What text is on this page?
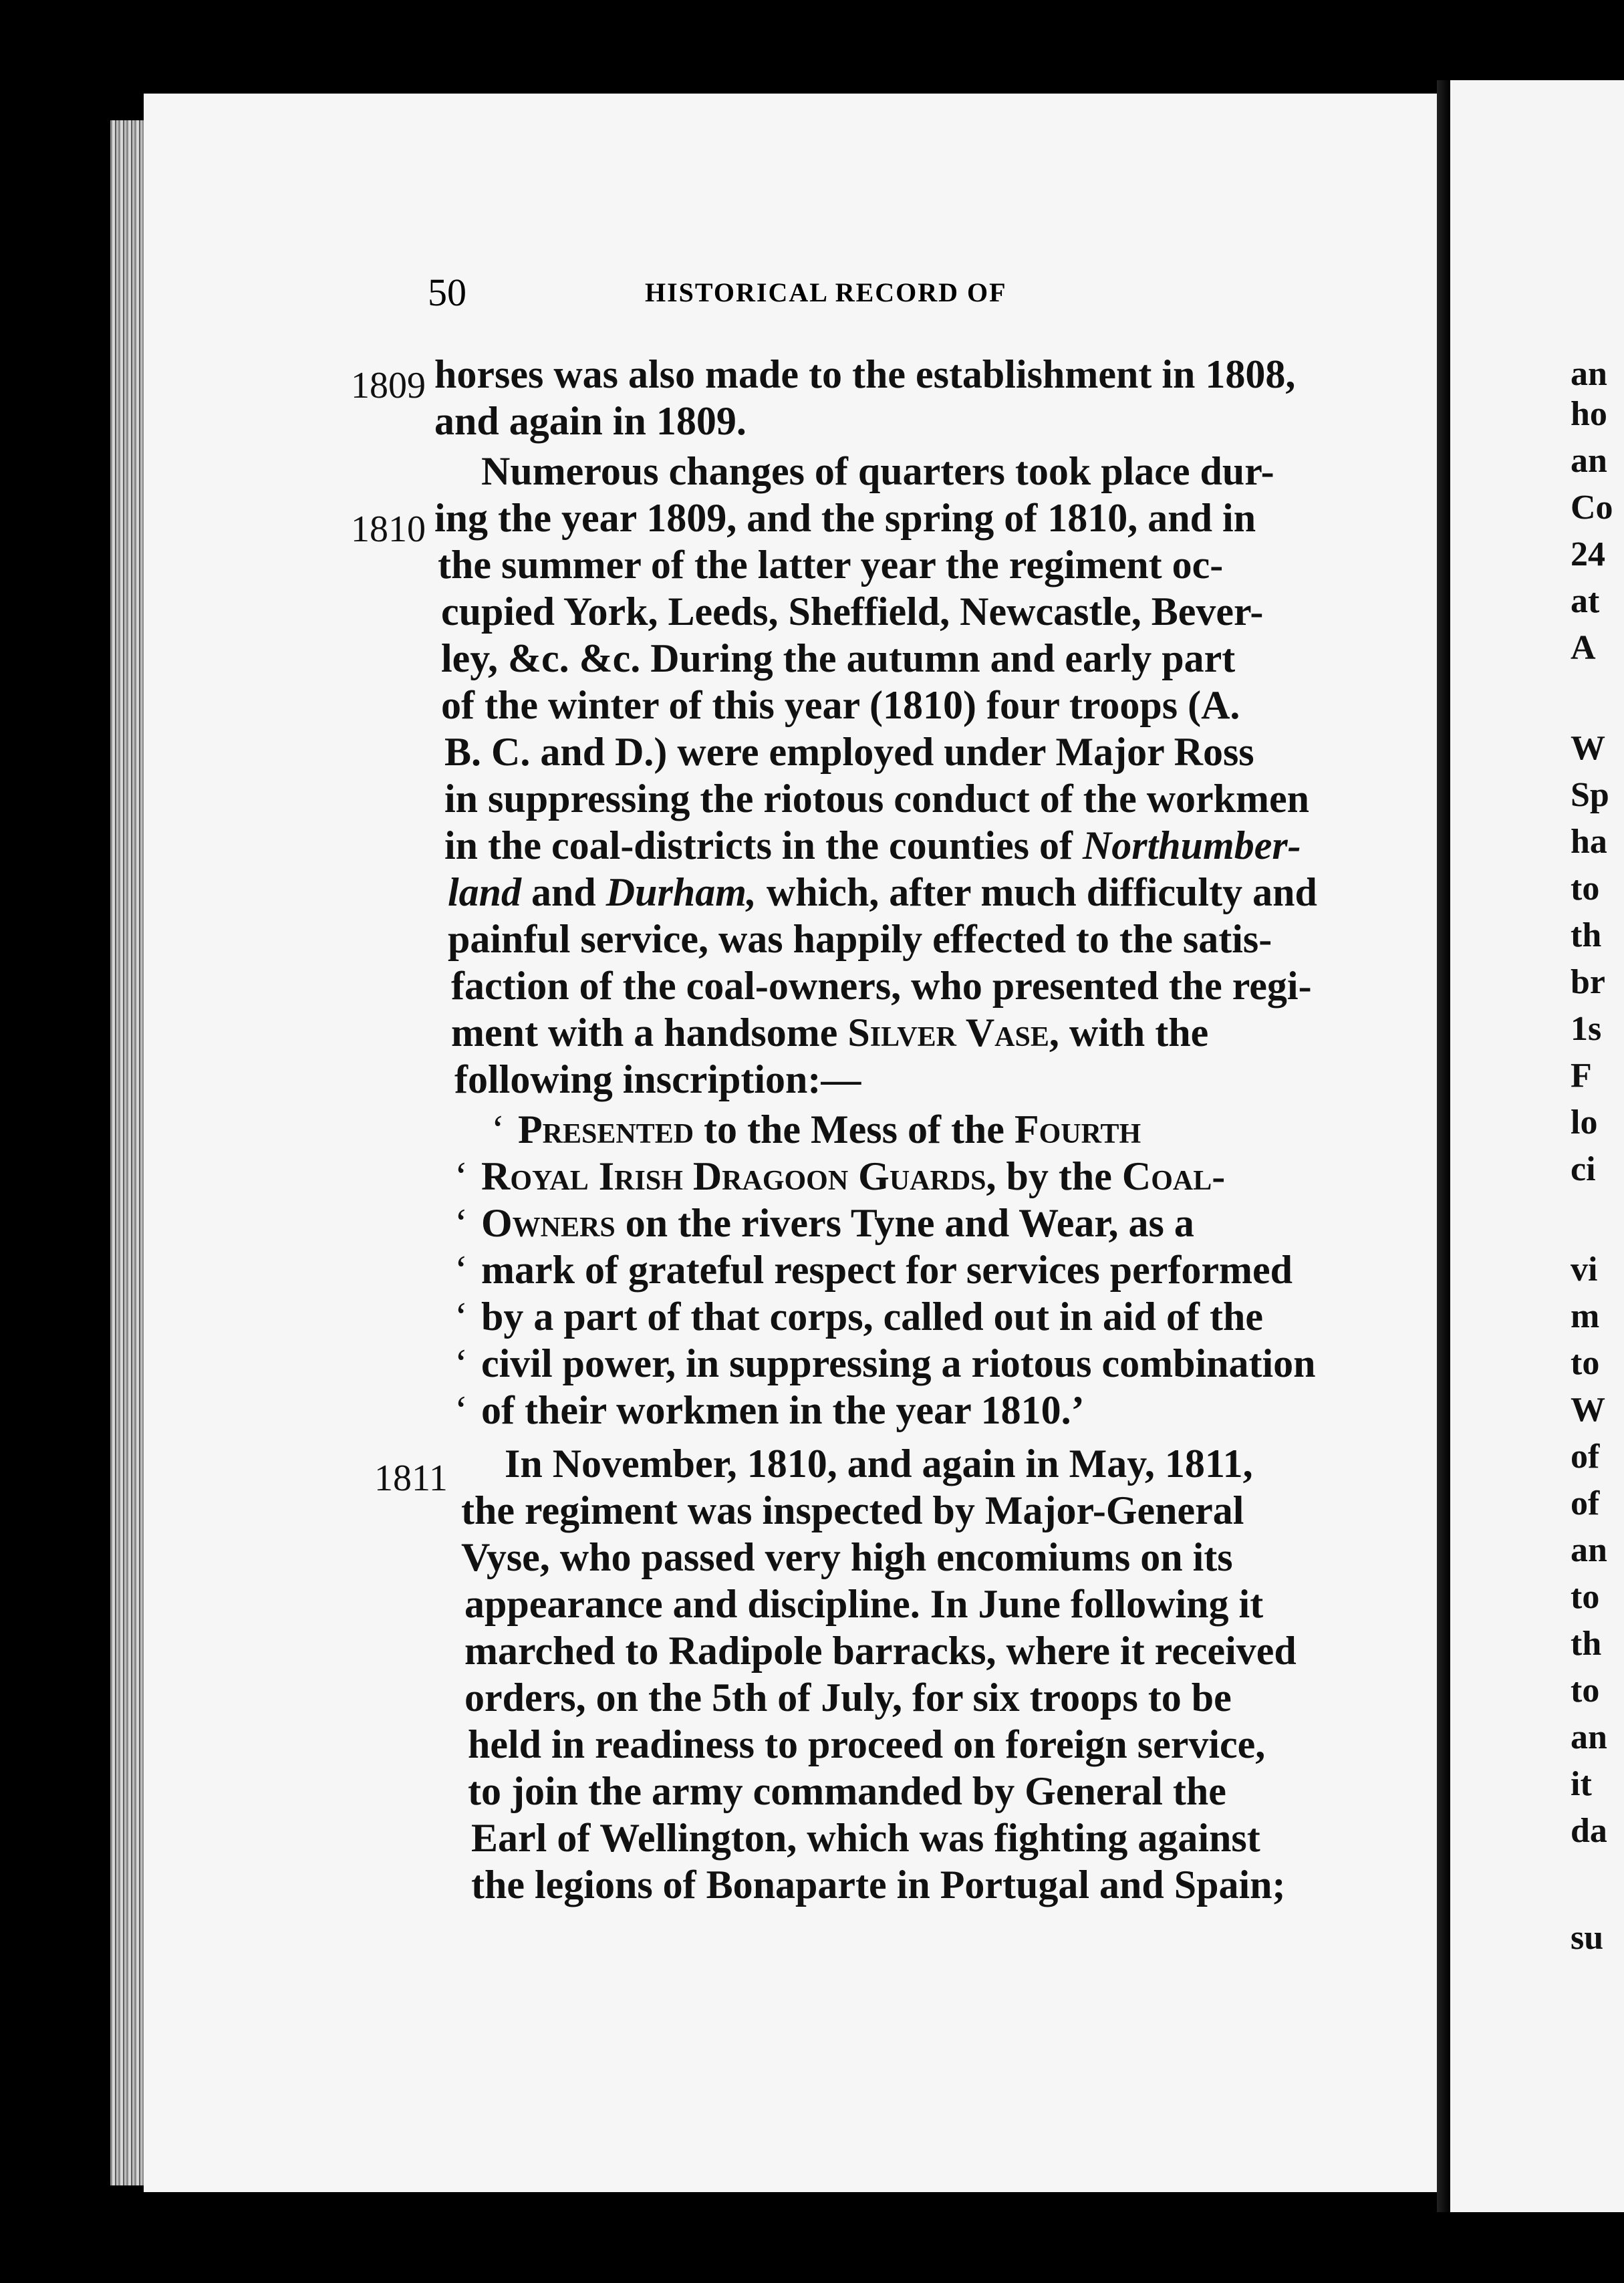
50	HISTORICAL RECORD OF
1809
1810
1811
horses was also made to the establishment in 1808,
and again in 1809.
Numerous changes of quarters took place dur-
ing the year 1809, and the spring of 1810, and in
the summer of the latter year the regiment oc-
cupied York, Leeds, Sheffield, Newcastle, Bever-
ley, &c. &c. During the autumn and early part
of the winter of this year (1810) four troops (A.
B. C. and D.) were employed under Major Ross
in suppressing the riotous conduct of the workmen
in the coal-districts in the counties of Northumber-
land and Durham, which, after much difficulty and
painful service, was happily effected to the satis-
faction of the coal-owners, who presented the regi-
ment with a handsome Silver Vase, with the
following inscription:—
‘ Presented to the Mess of the Fourth
‘ Royal Irish Dragoon Guards, by the Coal-
‘ Owners on the rivers Tyne and Wear, as a
‘ mark of grateful respect for services performed
‘ by a part of that corps, called out in aid of the
‘ civil power, in suppressing a riotous combination
‘ of their workmen in the year 1810.’
In November, 1810, and again in May, 1811,
the regiment was inspected by Major-General
Vyse, who passed very high encomiums on its
appearance and discipline. In June following it
marched to Radipole barracks, where it received
orders, on the 5th of July, for six troops to be
held in readiness to proceed on foreign service,
to join the army commanded by General the
Earl of Wellington, which was fighting against
the legions of Bonaparte in Portugal and Spain;
an
ho
an
Co
24
at
A
W
Sp
ha
to
th
br
1s
F
lo
ci
vi
m
to
W
of
of
an
to
th
to
an
it
da
su
